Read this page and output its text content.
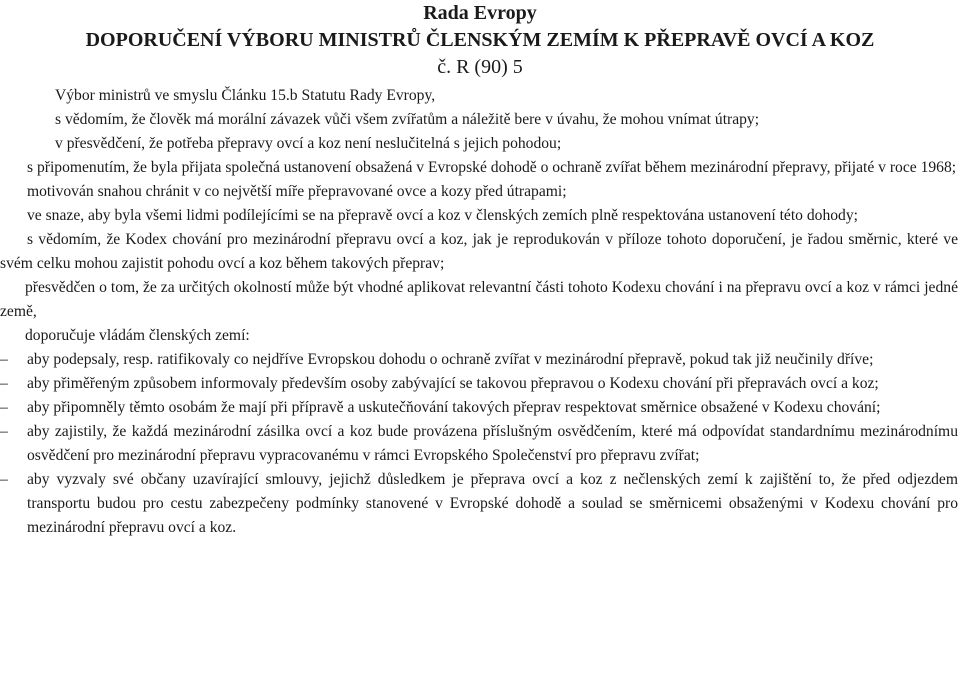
Rada Evropy
DOPORUČENÍ VÝBORU MINISTRŮ ČLENSKÝM ZEMÍM K PŘEPRAVĚ OVCÍ A KOZ
č. R (90) 5

Výbor ministrů ve smyslu Článku 15.b Statutu Rady Evropy,

s vědomím, že člověk má morální závazek vůči všem zvířatům a náležitě bere v úvahu, že mohou vnímat útrapy;

v přesvědčení, že potřeba přepravy ovcí a koz není neslučitelná s jejich pohodou;

s připomenutím, že byla přijata společná ustanovení obsažená v Evropské dohodě o ochraně zvířat během mezinárodní přepravy, přijaté v roce 1968;

motivován snahou chránit v co největší míře přepravované ovce a kozy před útrapami;

ve snaze, aby byla všemi lidmi podílejícími se na přepravě ovcí a koz v členských zemích plně respektována ustanovení této dohody;

s vědomím, že Kodex chování pro mezinárodní přepravu ovcí a koz, jak je reprodukován v příloze tohoto doporučení, je řadou směrnic, které ve svém celku mohou zajistit pohodu ovcí a koz během takových přeprav;

přesvědčen o tom, že za určitých okolností může být vhodné aplikovat relevantní části tohoto Kodexu chování i na přepravu ovcí a koz v rámci jedné země,

doporučuje vládám členských zemí:

– aby podepsaly, resp. ratifikovaly co nejdříve Evropskou dohodu o ochraně zvířat v mezinárodní přepravě, pokud tak již neučinily dříve;
– aby přiměřeným způsobem informovaly především osoby zabývající se takovou přepravou o Kodexu chování při přepravách ovcí a koz;
– aby připomněly těmto osobám že mají při přípravě a uskutečňování takových přeprav respektovat směrnice obsažené v Kodexu chování;
– aby zajistily, že každá mezinárodní zásilka ovcí a koz bude provázena příslušným osvědčením, které má odpovídat standardnímu mezinárodnímu osvědčení pro mezinárodní přepravu vypracovanému v rámci Evropského Společenství pro přepravu zvířat;
– aby vyzvaly své občany uzavírající smlouvy, jejichž důsledkem je přeprava ovcí a koz z nečlenských zemí k zajištění to, že před odjezdem transportu budou pro cestu zabezpečeny podmínky stanovené v Evropské dohodě a soulad se směrnicemi obsaženými v Kodexu chování pro mezinárodní přepravu ovcí a koz.
